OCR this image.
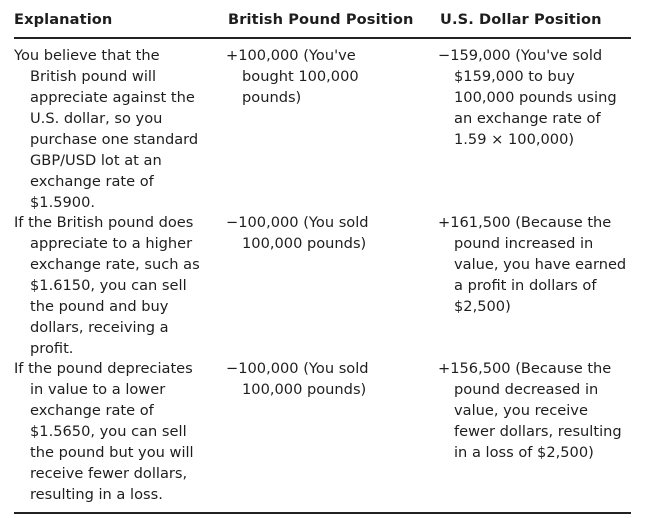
Explanation	British Pound Position U.S. Dollar Position
You believe that the
British pound will
appreciate against the
U.S. dollar, so you
purchase one standard
GBP/USD lot at an
exchange rate of
$1.5900.
+100,000 (You've
bought 100,000
pounds)
−159,000 (You've sold
$159,000 to buy
100,000 pounds using
an exchange rate of
1.59 × 100,000)
If the British pound does
appreciate to a higher
exchange rate, such as
$1.6150, you can sell
the pound and buy
dollars, receiving a
profit.
−100,000 (You sold
100,000 pounds)
+161,500 (Because the
pound increased in
value, you have earned
a profit in dollars of
$2,500)
If the pound depreciates
in value to a lower
exchange rate of
$1.5650, you can sell
the pound but you will
receive fewer dollars,
resulting in a loss.
−100,000 (You sold
100,000 pounds)
+156,500 (Because the
pound decreased in
value, you receive
fewer dollars, resulting
in a loss of $2,500)
